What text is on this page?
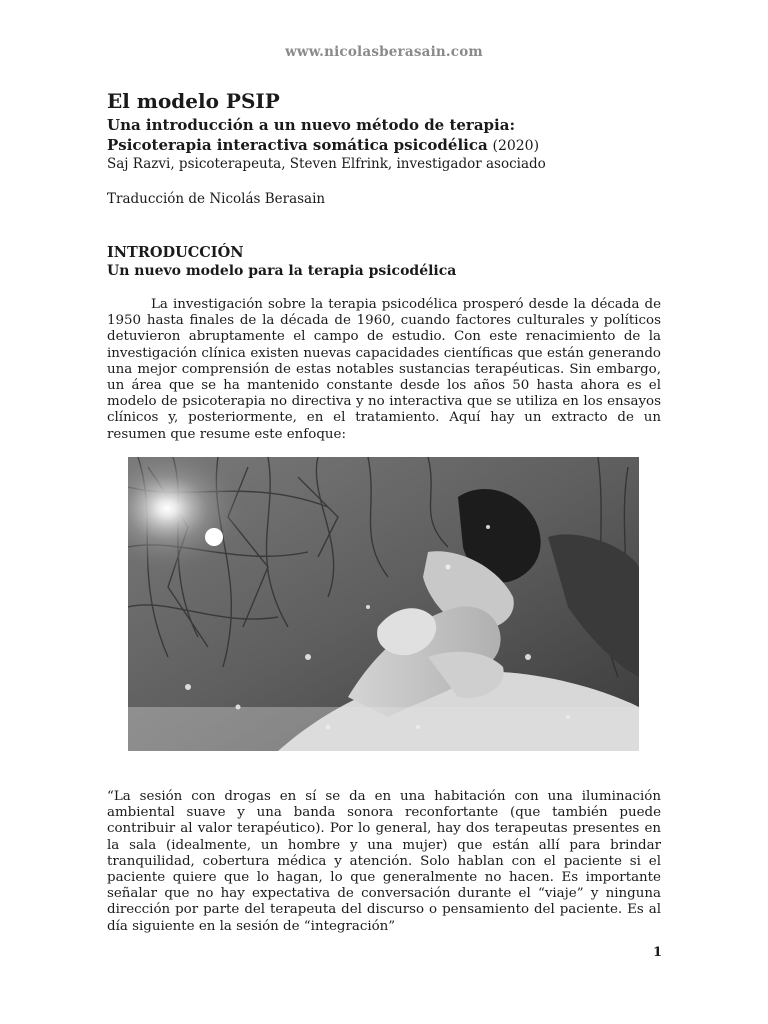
www.nicolasberasain.com
El modelo PSIP
Una introducción a un nuevo método de terapia:

Psicoterapia interactiva somática psicodélica (2020)

Saj Razvi, psicoterapeuta, Steven Elfrink, investigador asociado

Traducción de Nicolás Berasain

INTRODUCCIÓN
Un nuevo modelo para la terapia psicodélica

La investigación sobre la terapia psicodélica prosperó desde la década de 1950 hasta finales de la década de 1960, cuando factores culturales y políticos detuvieron abruptamente el campo de estudio. Con este renacimiento de la investigación clínica existen nuevas capacidades científicas que están generando una mejor comprensión de estas notables sustancias terapéuticas. Sin embargo, un área que se ha mantenido constante desde los años 50 hasta ahora es el modelo de psicoterapia no directiva y no interactiva que se utiliza en los ensayos clínicos y, posteriormente, en el tratamiento. Aquí hay un extracto de un resumen que resume este enfoque:

“La sesión con drogas en sí se da en una habitación con una iluminación ambiental suave y una banda sonora reconfortante (que también puede contribuir al valor terapéutico). Por lo general, hay dos terapeutas presentes en la sala (idealmente, un hombre y una mujer) que están allí para brindar tranquilidad, cobertura médica y atención. Solo hablan con el paciente si el paciente quiere que lo hagan, lo que generalmente no hacen. Es importante señalar que no hay expectativa de conversación durante el “viaje” y ninguna dirección por parte del terapeuta del discurso o pensamiento del paciente. Es al día siguiente en la sesión de “integración”

1
